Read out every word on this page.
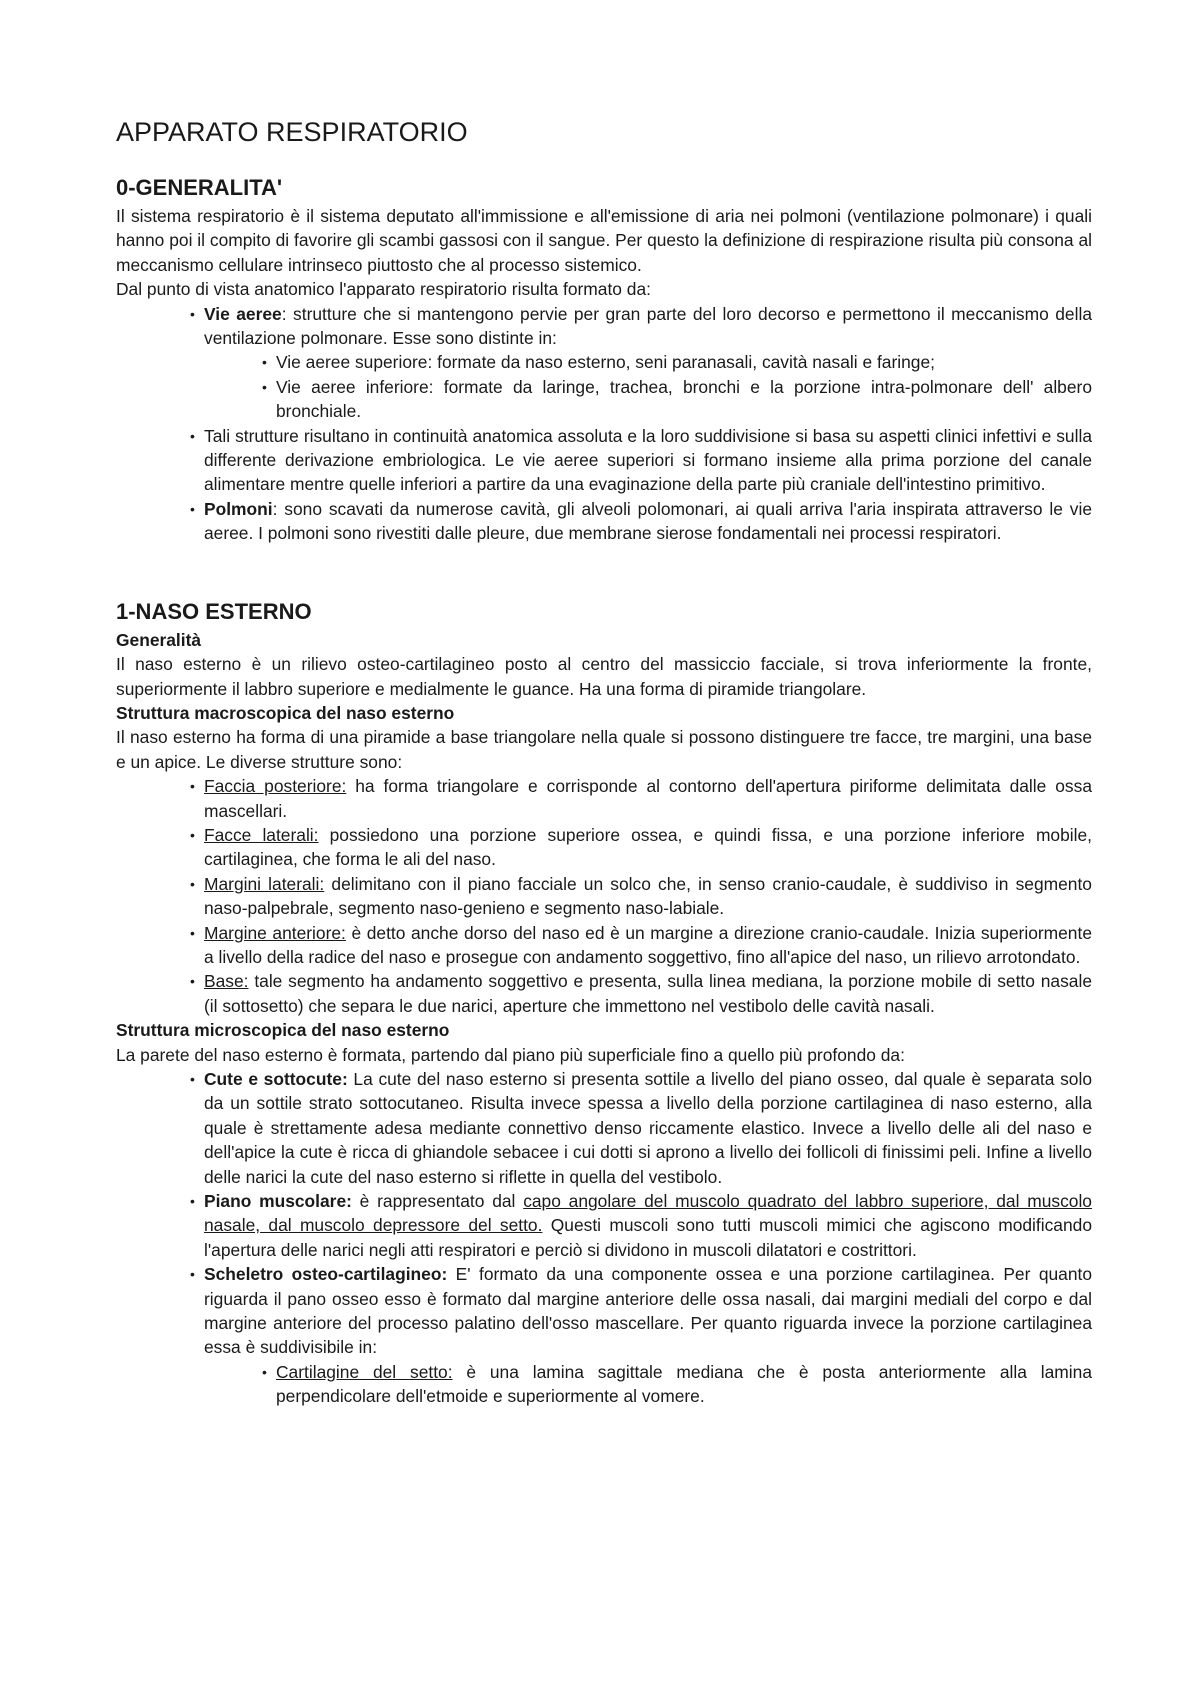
APPARATO RESPIRATORIO
0-GENERALITA'

Il sistema respiratorio è il sistema deputato all'immissione e all'emissione di aria nei polmoni (ventilazione polmonare) i quali hanno poi il compito di favorire gli scambi gassosi con il sangue. Per questo la definizione di respirazione risulta più consona al meccanismo cellulare intrinseco piuttosto che al processo sistemico.

Dal punto di vista anatomico l'apparato respiratorio risulta formato da:

• Vie aeree: strutture che si mantengono pervie per gran parte del loro decorso e permettono il meccanismo della ventilazione polmonare. Esse sono distinte in:
• Vie aeree superiore: formate da naso esterno, seni paranasali, cavità nasali e faringe;
• Vie aeree inferiore: formate da laringe, trachea, bronchi e la porzione intra-polmonare dell' albero bronchiale.
• Tali strutture risultano in continuità anatomica assoluta e la loro suddivisione si basa su aspetti clinici infettivi e sulla differente derivazione embriologica. Le vie aeree superiori si formano insieme alla prima porzione del canale alimentare mentre quelle inferiori a partire da una evaginazione della parte più craniale dell'intestino primitivo.
• Polmoni: sono scavati da numerose cavità, gli alveoli polomonari, ai quali arriva l'aria inspirata attraverso le vie aeree. I polmoni sono rivestiti dalle pleure, due membrane sierose fondamentali nei processi respiratori.
1-NASO ESTERNO
Generalità

Il naso esterno è un rilievo osteo-cartilagineo posto al centro del massiccio facciale, si trova inferiormente la fronte, superiormente il labbro superiore e medialmente le guance. Ha una forma di piramide triangolare.

Struttura macroscopica del naso esterno

Il naso esterno ha forma di una piramide a base triangolare nella quale si possono distinguere tre facce, tre margini, una base e un apice. Le diverse strutture sono:

• Faccia posteriore: ha forma triangolare e corrisponde al contorno dell'apertura piriforme delimitata dalle ossa mascellari.
• Facce laterali: possiedono una porzione superiore ossea, e quindi fissa, e una porzione inferiore mobile, cartilaginea, che forma le ali del naso.
• Margini laterali: delimitano con il piano facciale un solco che, in senso cranio-caudale, è suddiviso in segmento naso-palpebrale, segmento naso-genieno e segmento naso-labiale.
• Margine anteriore: è detto anche dorso del naso ed è un margine a direzione cranio-caudale. Inizia superiormente a livello della radice del naso e prosegue con andamento soggettivo, fino all'apice del naso, un rilievo arrotondato.
• Base: tale segmento ha andamento soggettivo e presenta, sulla linea mediana, la porzione mobile di setto nasale (il sottosetto) che separa le due narici, aperture che immettono nel vestibolo delle cavità nasali.
Struttura microscopica del naso esterno

La parete del naso esterno è formata, partendo dal piano più superficiale fino a quello più profondo da:

• Cute e sottocute: La cute del naso esterno si presenta sottile a livello del piano osseo, dal quale è separata solo da un sottile strato sottocutaneo. Risulta invece spessa a livello della porzione cartilaginea di naso esterno, alla quale è strettamente adesa mediante connettivo denso riccamente elastico. Invece a livello delle ali del naso e dell'apice la cute è ricca di ghiandole sebacee i cui dotti si aprono a livello dei follicoli di finissimi peli. Infine a livello delle narici la cute del naso esterno si riflette in quella del vestibolo.
• Piano muscolare: è rappresentato dal capo angolare del muscolo quadrato del labbro superiore, dal muscolo nasale, dal muscolo depressore del setto. Questi muscoli sono tutti muscoli mimici che agiscono modificando l'apertura delle narici negli atti respiratori e perciò si dividono in muscoli dilatatori e costrittori.
• Scheletro osteo-cartilagineo: E' formato da una componente ossea e una porzione cartilaginea. Per quanto riguarda il pano osseo esso è formato dal margine anteriore delle ossa nasali, dai margini mediali del corpo e dal margine anteriore del processo palatino dell'osso mascellare. Per quanto riguarda invece la porzione cartilaginea essa è suddivisibile in:
• Cartilagine del setto: è una lamina sagittale mediana che è posta anteriormente alla lamina perpendicolare dell'etmoide e superiormente al vomere.
